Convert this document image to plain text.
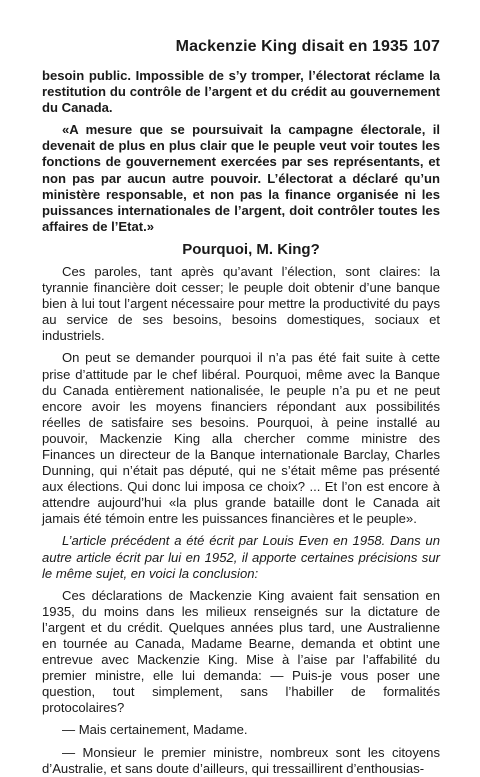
Mackenzie King disait en 1935 107

besoin public. Impossible de s’y tromper, l’électorat réclame la restitution du contrôle de l’argent et du crédit au gouvernement du Canada.

«A mesure que se poursuivait la campagne électorale, il devenait de plus en plus clair que le peuple veut voir toutes les fonctions de gouvernement exercées par ses représentants, et non pas par aucun autre pouvoir. L’électorat a déclaré qu’un ministère responsable, et non pas la finance organisée ni les puissances internationales de l’argent, doit contrôler toutes les affaires de l’Etat.»

Pourquoi, M. King?

Ces paroles, tant après qu’avant l’élection, sont claires: la tyrannie financière doit cesser; le peuple doit obtenir d’une banque bien à lui tout l’argent nécessaire pour mettre la productivité du pays au service de ses besoins, besoins domestiques, sociaux et industriels.

On peut se demander pourquoi il n’a pas été fait suite à cette prise d’attitude par le chef libéral. Pourquoi, même avec la Banque du Canada entièrement nationalisée, le peuple n’a pu et ne peut encore avoir les moyens financiers répondant aux possibilités réelles de satisfaire ses besoins. Pourquoi, à peine installé au pouvoir, Mackenzie King alla chercher comme ministre des Finances un directeur de la Banque internationale Barclay, Charles Dunning, qui n’était pas député, qui ne s’était même pas présenté aux élections. Qui donc lui imposa ce choix? ... Et l’on est encore à attendre aujourd’hui «la plus grande bataille dont le Canada ait jamais été témoin entre les puissances financières et le peuple».

L’article précédent a été écrit par Louis Even en 1958. Dans un autre article écrit par lui en 1952, il apporte certaines précisions sur le même sujet, en voici la conclusion:

Ces déclarations de Mackenzie King avaient fait sensation en 1935, du moins dans les milieux renseignés sur la dictature de l’argent et du crédit. Quelques années plus tard, une Australienne en tournée au Canada, Madame Bearne, demanda et obtint une entrevue avec Mackenzie King. Mise à l’aise par l’affabilité du premier ministre, elle lui demanda: — Puis-je vous poser une question, tout simplement, sans l’habiller de formalités protocolaires?

— Mais certainement, Madame.

— Monsieur le premier ministre, nombreux sont les citoyens d’Australie, et sans doute d’ailleurs, qui tressaillirent d’enthousias-
